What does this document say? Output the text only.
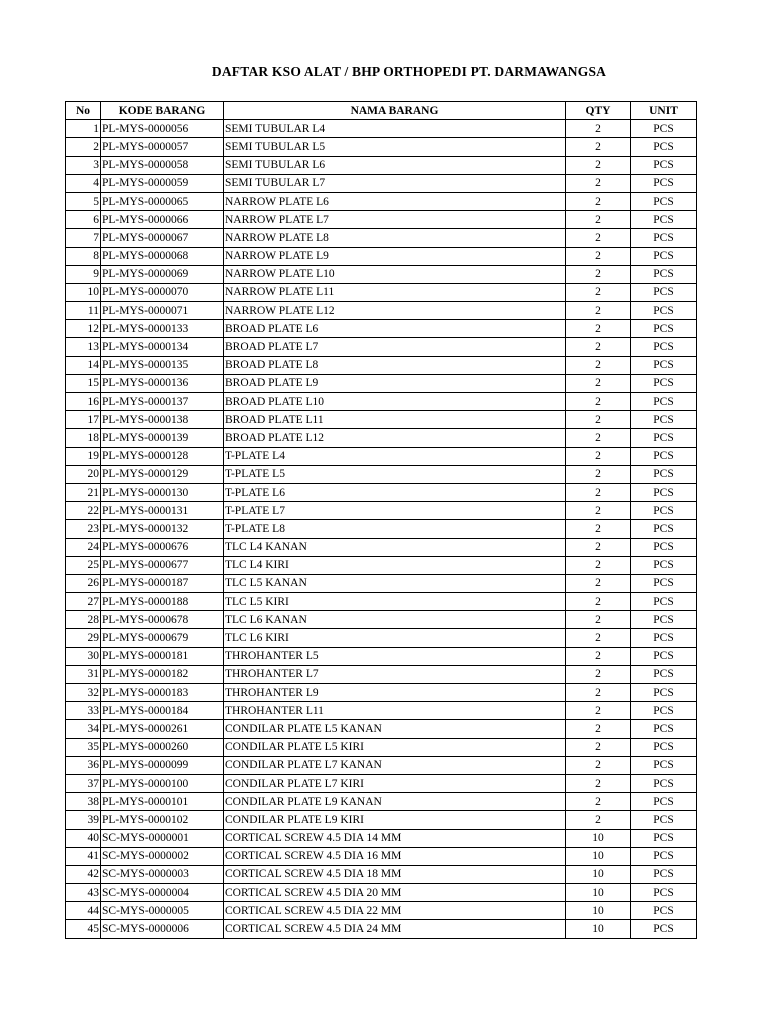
DAFTAR KSO ALAT / BHP ORTHOPEDI PT. DARMAWANGSA
No	KODE BARANG	NAMA BARANG	QTY	UNIT
1	PL-MYS-0000056	SEMI TUBULAR L4	2	PCS
2	PL-MYS-0000057	SEMI TUBULAR L5	2	PCS
3	PL-MYS-0000058	SEMI TUBULAR L6	2	PCS
4	PL-MYS-0000059	SEMI TUBULAR L7	2	PCS
5	PL-MYS-0000065	NARROW PLATE L6	2	PCS
6	PL-MYS-0000066	NARROW PLATE L7	2	PCS
7	PL-MYS-0000067	NARROW PLATE L8	2	PCS
8	PL-MYS-0000068	NARROW PLATE L9	2	PCS
9	PL-MYS-0000069	NARROW PLATE L10	2	PCS
10	PL-MYS-0000070	NARROW PLATE L11	2	PCS
11	PL-MYS-0000071	NARROW PLATE L12	2	PCS
12	PL-MYS-0000133	BROAD PLATE L6	2	PCS
13	PL-MYS-0000134	BROAD PLATE L7	2	PCS
14	PL-MYS-0000135	BROAD PLATE L8	2	PCS
15	PL-MYS-0000136	BROAD PLATE L9	2	PCS
16	PL-MYS-0000137	BROAD PLATE L10	2	PCS
17	PL-MYS-0000138	BROAD PLATE L11	2	PCS
18	PL-MYS-0000139	BROAD PLATE L12	2	PCS
19	PL-MYS-0000128	T-PLATE L4	2	PCS
20	PL-MYS-0000129	T-PLATE L5	2	PCS
21	PL-MYS-0000130	T-PLATE L6	2	PCS
22	PL-MYS-0000131	T-PLATE L7	2	PCS
23	PL-MYS-0000132	T-PLATE L8	2	PCS
24	PL-MYS-0000676	TLC L4 KANAN	2	PCS
25	PL-MYS-0000677	TLC L4 KIRI	2	PCS
26	PL-MYS-0000187	TLC L5 KANAN	2	PCS
27	PL-MYS-0000188	TLC L5 KIRI	2	PCS
28	PL-MYS-0000678	TLC L6 KANAN	2	PCS
29	PL-MYS-0000679	TLC L6 KIRI	2	PCS
30	PL-MYS-0000181	THROHANTER L5	2	PCS
31	PL-MYS-0000182	THROHANTER L7	2	PCS
32	PL-MYS-0000183	THROHANTER L9	2	PCS
33	PL-MYS-0000184	THROHANTER L11	2	PCS
34	PL-MYS-0000261	CONDILAR PLATE L5 KANAN	2	PCS
35	PL-MYS-0000260	CONDILAR PLATE L5 KIRI	2	PCS
36	PL-MYS-0000099	CONDILAR PLATE L7 KANAN	2	PCS
37	PL-MYS-0000100	CONDILAR PLATE L7 KIRI	2	PCS
38	PL-MYS-0000101	CONDILAR PLATE L9 KANAN	2	PCS
39	PL-MYS-0000102	CONDILAR PLATE L9 KIRI	2	PCS
40	SC-MYS-0000001	CORTICAL SCREW 4.5 DIA 14 MM	10	PCS
41	SC-MYS-0000002	CORTICAL SCREW 4.5 DIA 16 MM	10	PCS
42	SC-MYS-0000003	CORTICAL SCREW 4.5 DIA 18 MM	10	PCS
43	SC-MYS-0000004	CORTICAL SCREW 4.5 DIA 20 MM	10	PCS
44	SC-MYS-0000005	CORTICAL SCREW 4.5 DIA 22 MM	10	PCS
45	SC-MYS-0000006	CORTICAL SCREW 4.5 DIA 24 MM	10	PCS
